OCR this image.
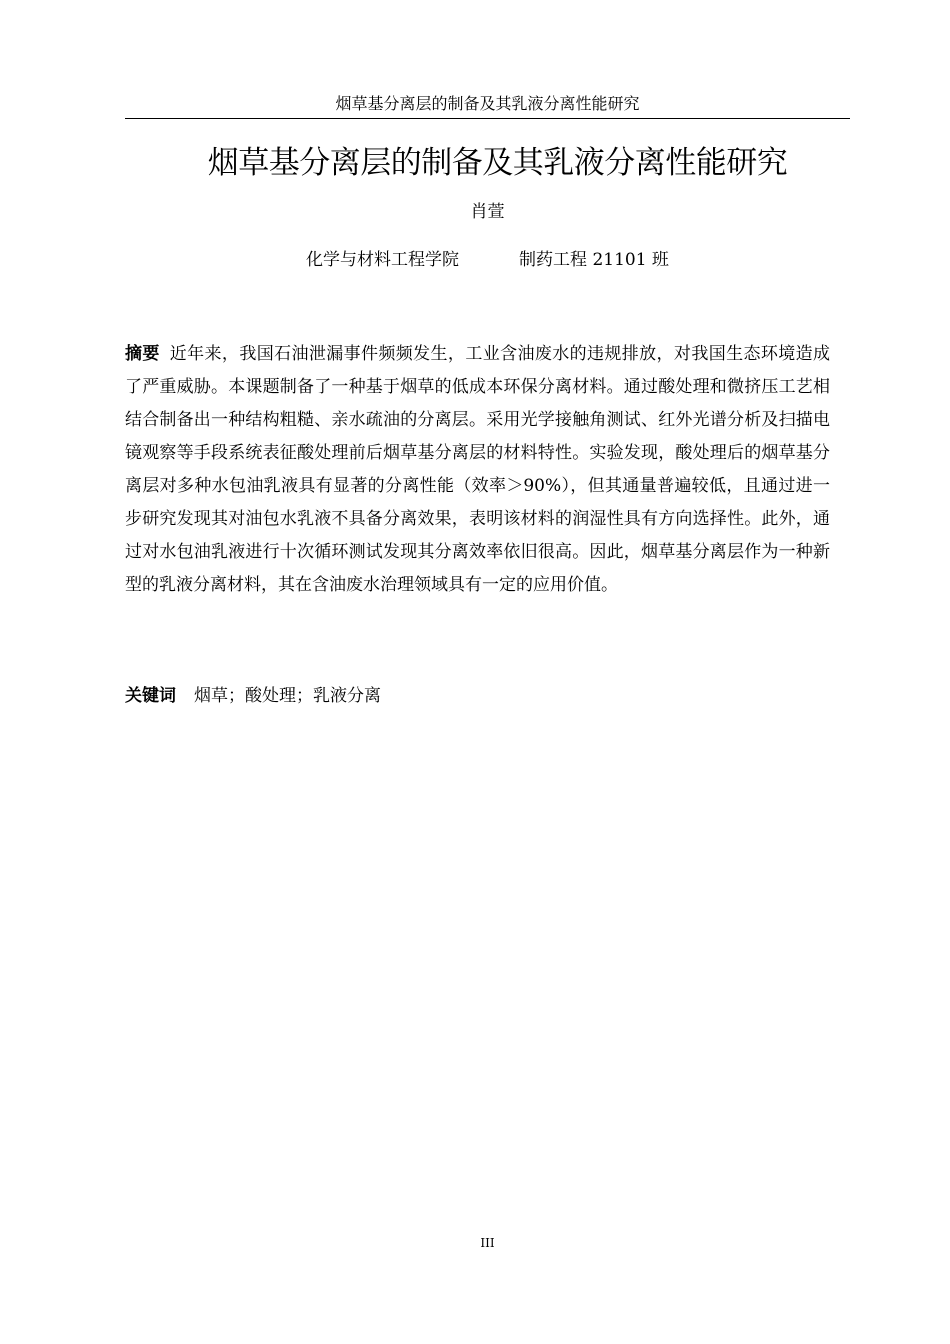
烟草基分离层的制备及其乳液分离性能研究
烟草基分离层的制备及其乳液分离性能研究
肖萱
化学与材料工程学院	制药工程 21101 班

摘要 近年来，我国石油泄漏事件频频发生，工业含油废水的违规排放，对我国生态环境造成了严重威胁。本课题制备了一种基于烟草的低成本环保分离材料。通过酸处理和微挤压工艺相结合制备出一种结构粗糙、亲水疏油的分离层。采用光学接触角测试、红外光谱分析及扫描电镜观察等手段系统表征酸处理前后烟草基分离层的材料特性。实验发现，酸处理后的烟草基分离层对多种水包油乳液具有显著的分离性能（效率＞90%），但其通量普遍较低，且通过进一步研究发现其对油包水乳液不具备分离效果，表明该材料的润湿性具有方向选择性。此外，通过对水包油乳液进行十次循环测试发现其分离效率依旧很高。因此，烟草基分离层作为一种新型的乳液分离材料，其在含油废水治理领域具有一定的应用价值。

关键词 烟草；酸处理；乳液分离

III
